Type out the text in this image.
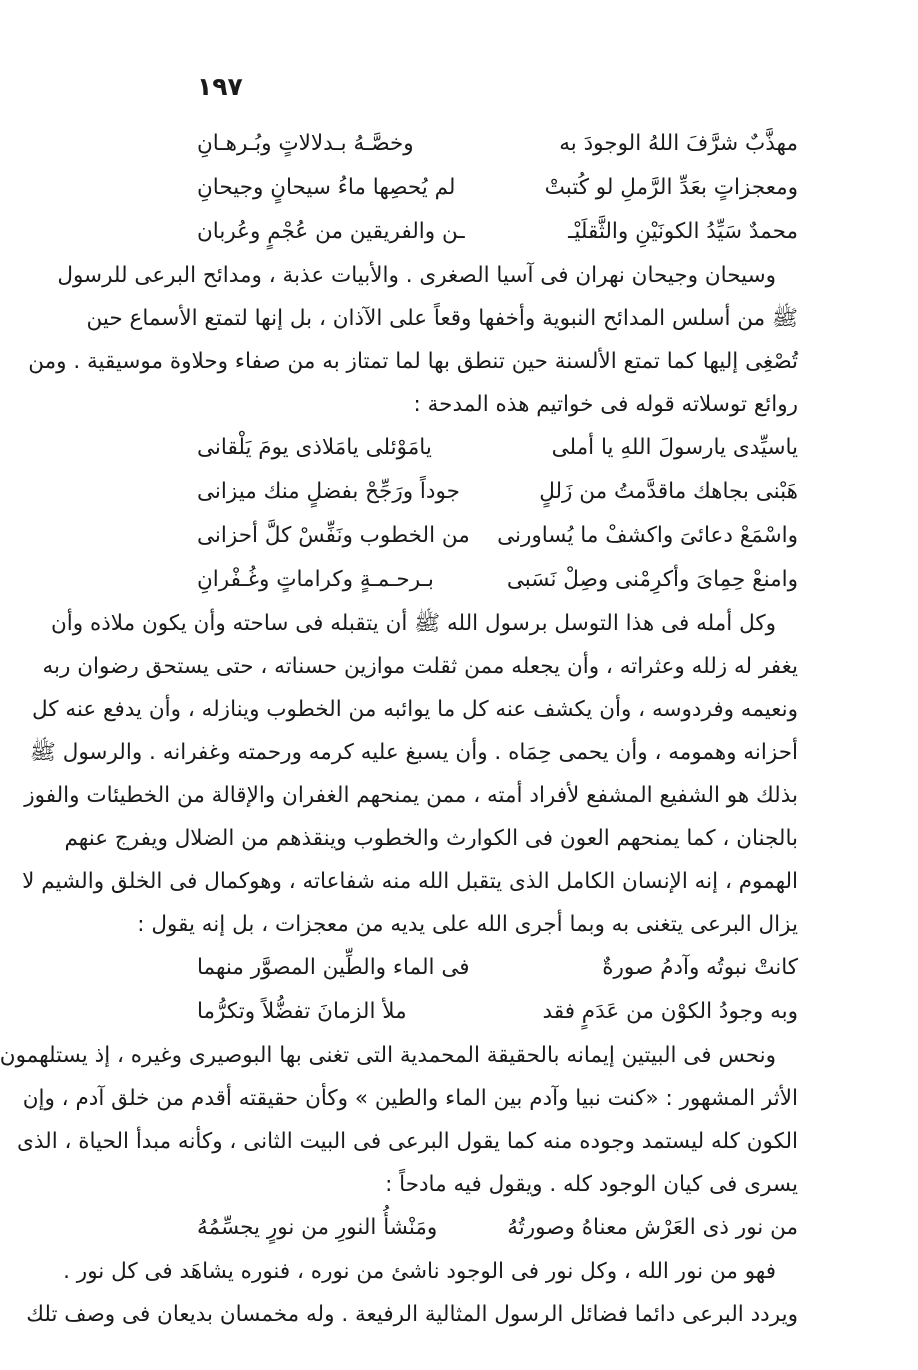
١٩٧
مهذَّبٌ شرَّفَ اللهُ الوجودَ به
وخصَّـهُ بـدلالاتٍ وبُـرهـانِ
ومعجزاتٍ بعَدِّ الرَّملِ لو كُتبتْ
لم يُحصِها ماءُ سيحانٍ وجيحانِ
محمدٌ سَيِّدُ الكونَيْنِ والثَّقلَيْـ
ـن والفريقين من عُجْمٍ وعُربان
وسيحان وجيحان نهران فى آسيا الصغرى . والأبيات عذبة ، ومدائح البرعى للرسول
ﷺ من أسلس المدائح النبوية وأخفها وقعاً على الآذان ، بل إنها لتمتع الأسماع حين
تُصْغِى إليها كما تمتع الألسنة حين تنطق بها لما تمتاز به من صفاء وحلاوة موسيقية . ومن
روائع توسلاته قوله فى خواتيم هذه المدحة :
ياسيِّدى يارسولَ اللهِ يا أملى
يامَوْئلى يامَلاذى يومَ يَلْقانى
هَبْنى بجاهك ماقدَّمتُ من زَللٍ
جوداً ورَجِّحْ بفضلٍ منك ميزانى
واسْمَعْ دعائىَ واكشفْ ما يُساورنى
من الخطوب ونَفِّسْ كلَّ أحزانى
وامنعْ حِمِاىَ وأكرِمْنى وصِلْ نَسَبى
بـرحـمـةٍ وكراماتٍ وغُـفْرانِ
وكل أمله فى هذا التوسل برسول الله ﷺ أن يتقبله فى ساحته وأن يكون ملاذه وأن
يغفر له زلله وعثراته ، وأن يجعله ممن ثقلت موازين حسناته ، حتى يستحق رضوان ربه
ونعيمه وفردوسه ، وأن يكشف عنه كل ما يوائبه من الخطوب وينازله ، وأن يدفع عنه كل
أحزانه وهمومه ، وأن يحمى حِمَاه . وأن يسبغ عليه كرمه ورحمته وغفرانه . والرسول ﷺ
بذلك هو الشفيع المشفع لأفراد أمته ، ممن يمنحهم الغفران والإقالة من الخطيئات والفوز
بالجنان ، كما يمنحهم العون فى الكوارث والخطوب وينقذهم من الضلال ويفرج عنهم
الهموم ، إنه الإنسان الكامل الذى يتقبل الله منه شفاعاته ، وهوكمال فى الخلق والشيم لا
يزال البرعى يتغنى به وبما أجرى الله على يديه من معجزات ، بل إنه يقول :
كانتْ نبوتُه وآدمُ صورةٌ
فى الماء والطِّين المصوَّر منهما
وبه وجودُ الكوْن من عَدَمٍ فقد
ملأ الزمانَ تفضُّلاً وتكرُّما
ونحس فى البيتين إيمانه بالحقيقة المحمدية التى تغنى بها البوصيرى وغيره ، إذ يستلهمون
الأثر المشهور : «كنت نبيا وآدم بين الماء والطين » وكأن حقيقته أقدم من خلق آدم ، وإن
الكون كله ليستمد وجوده منه كما يقول البرعى فى البيت الثانى ، وكأنه مبدأ الحياة ، الذى
يسرى فى كيان الوجود كله . ويقول فيه مادحاً :
من نور ذى العَرْش معناهُ وصورتُهُ
ومَنْشأُ النورِ من نورٍ يجسِّمُهُ
فهو من نور الله ، وكل نور فى الوجود ناشئ من نوره ، فنوره يشاهَد فى كل نور .
ويردد البرعى دائما فضائل الرسول المثالية الرفيعة . وله مخمسان بديعان فى وصف تلك
